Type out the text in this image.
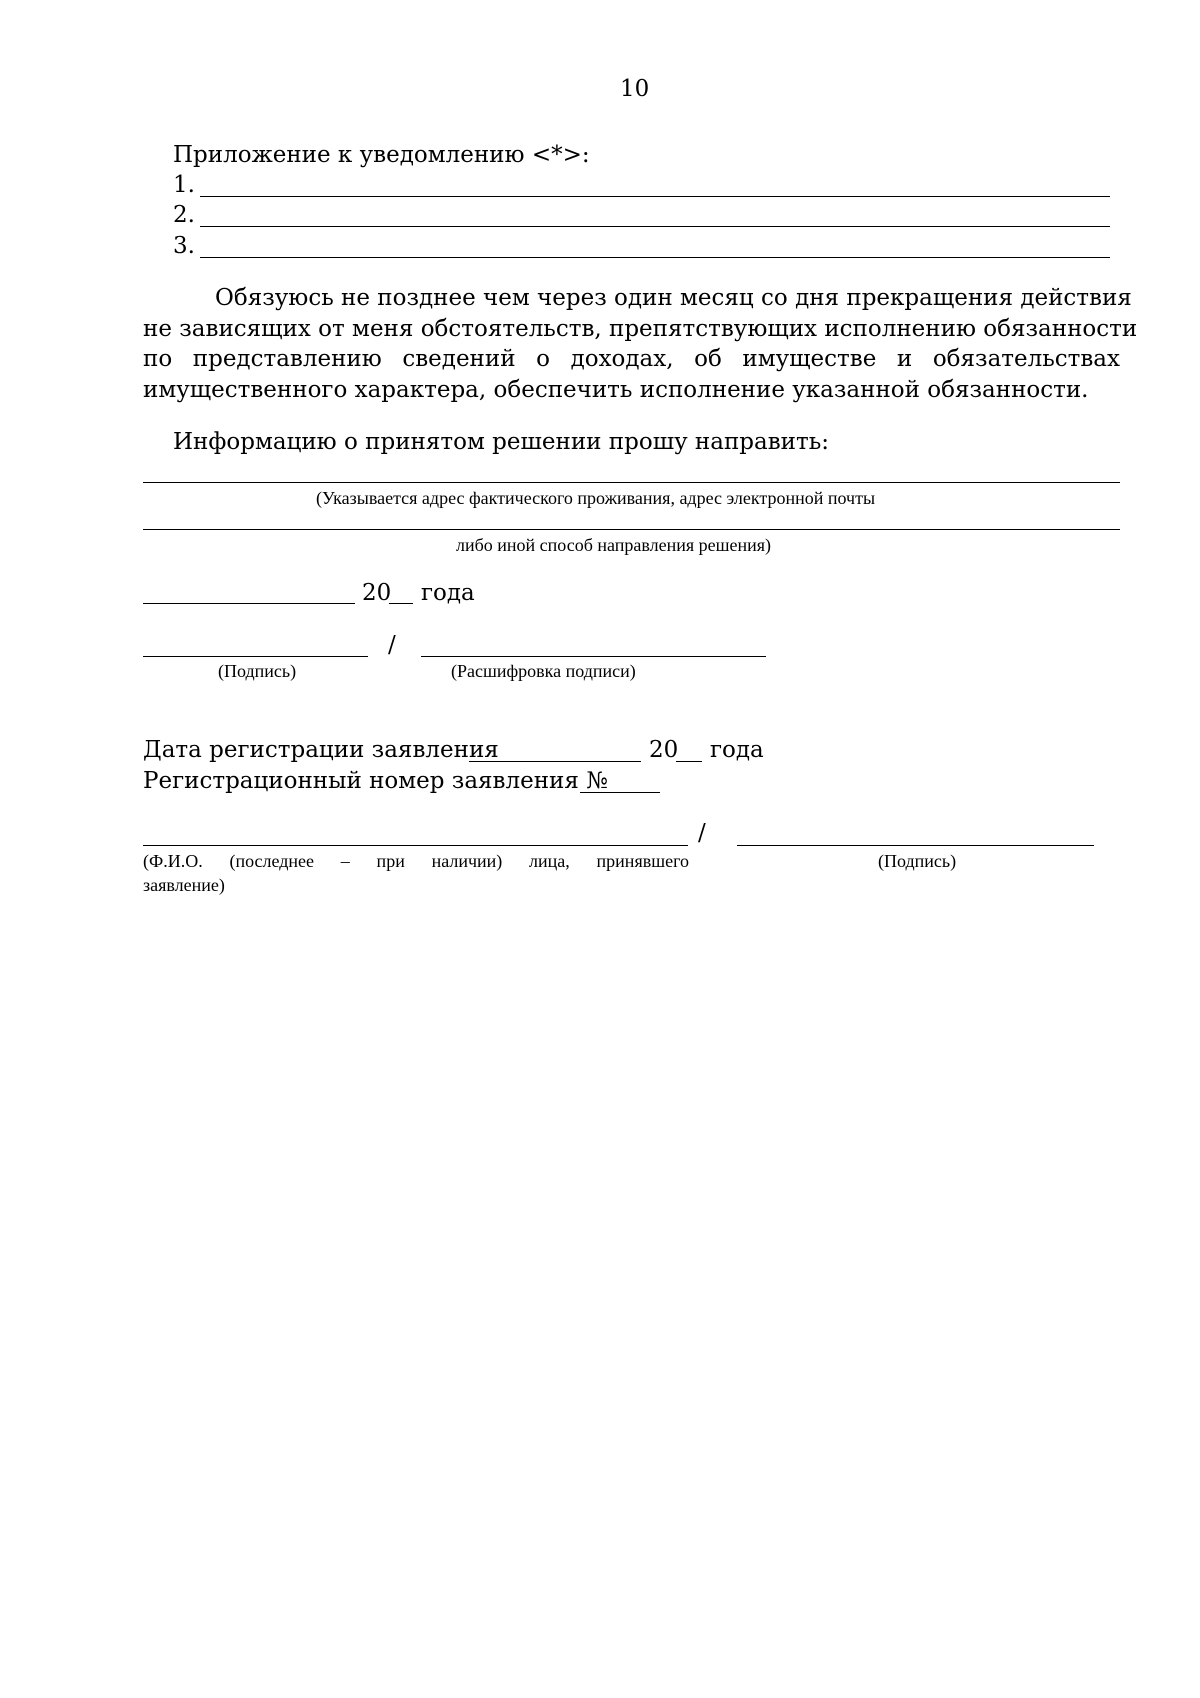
10
Приложение к уведомлению <*>:
1.
2.
3.
Обязуюсь не позднее чем через один месяц со дня прекращения действия
не зависящих от меня обстоятельств, препятствующих исполнению обязанности
по представлению сведений о доходах, об имуществе и обязательствах
имущественного характера, обеспечить исполнение указанной обязанности.
Информацию о принятом решении прошу направить:
(Указывается адрес фактического проживания, адрес электронной почты
либо иной способ направления решения)
20 года
/
(Подпись)	(Расшифровка подписи)
Дата регистрации заявления	20 года
Регистрационный номер заявления №
/
(Ф.И.О. (последнее – при наличии) лица, принявшего
заявление)
(Подпись)
